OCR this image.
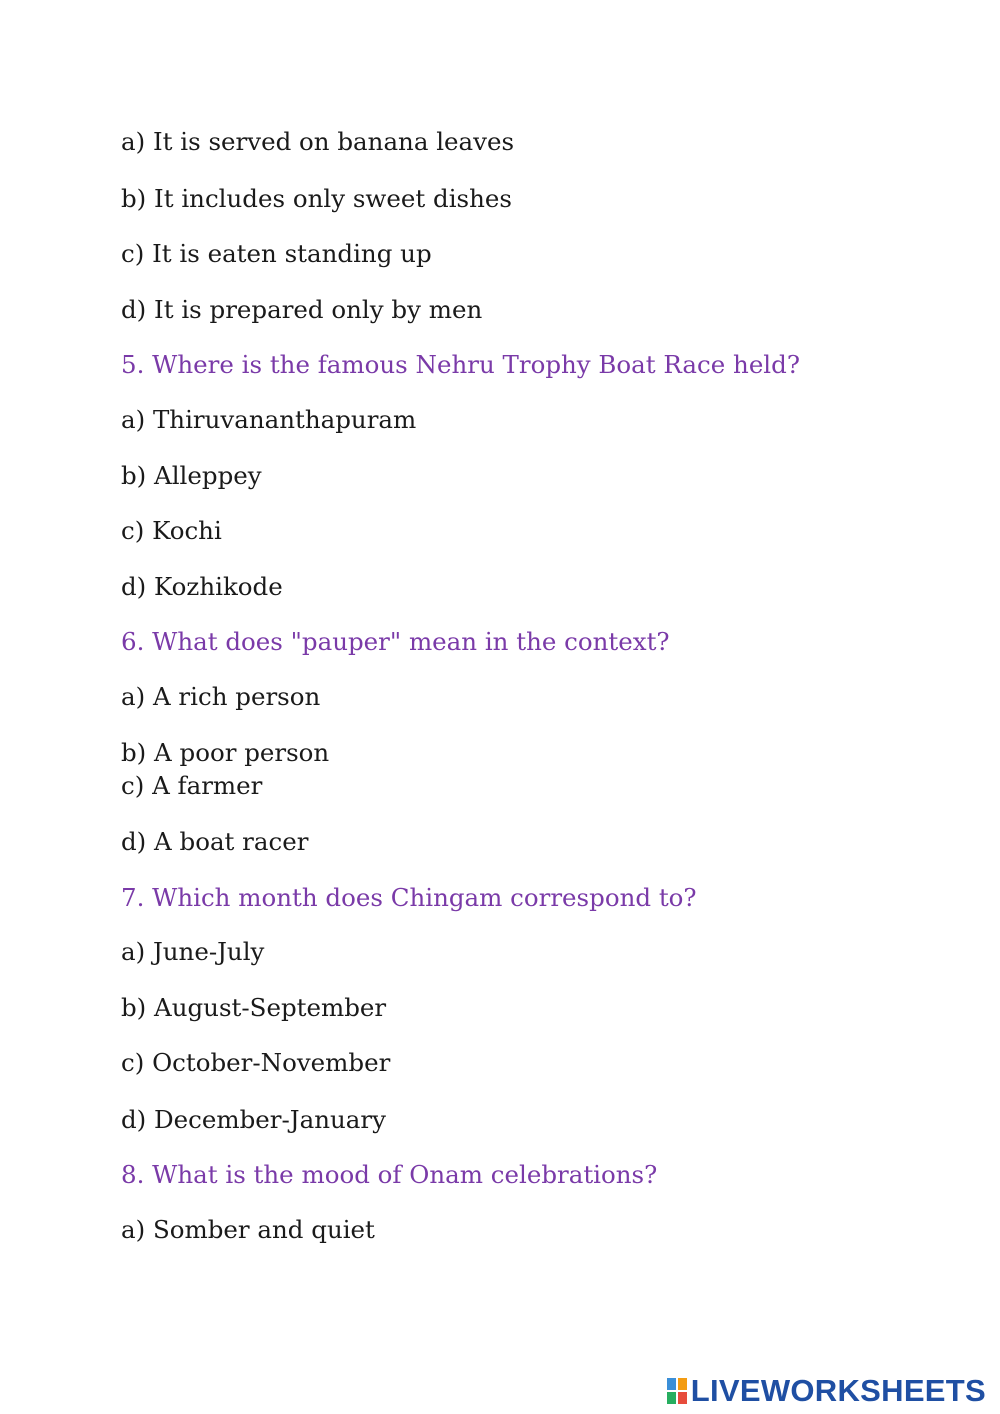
a) It is served on banana leaves
b) It includes only sweet dishes
c) It is eaten standing up
d) It is prepared only by men
5. Where is the famous Nehru Trophy Boat Race held?
a) Thiruvananthapuram
b) Alleppey
c) Kochi
d) Kozhikode
6. What does "pauper" mean in the context?
a) A rich person
b) A poor person
c) A farmer
d) A boat racer
7. Which month does Chingam correspond to?
a) June-July
b) August-September
c) October-November
d) December-January
8. What is the mood of Onam celebrations?
a) Somber and quiet
LIVEWORKSHEETS
